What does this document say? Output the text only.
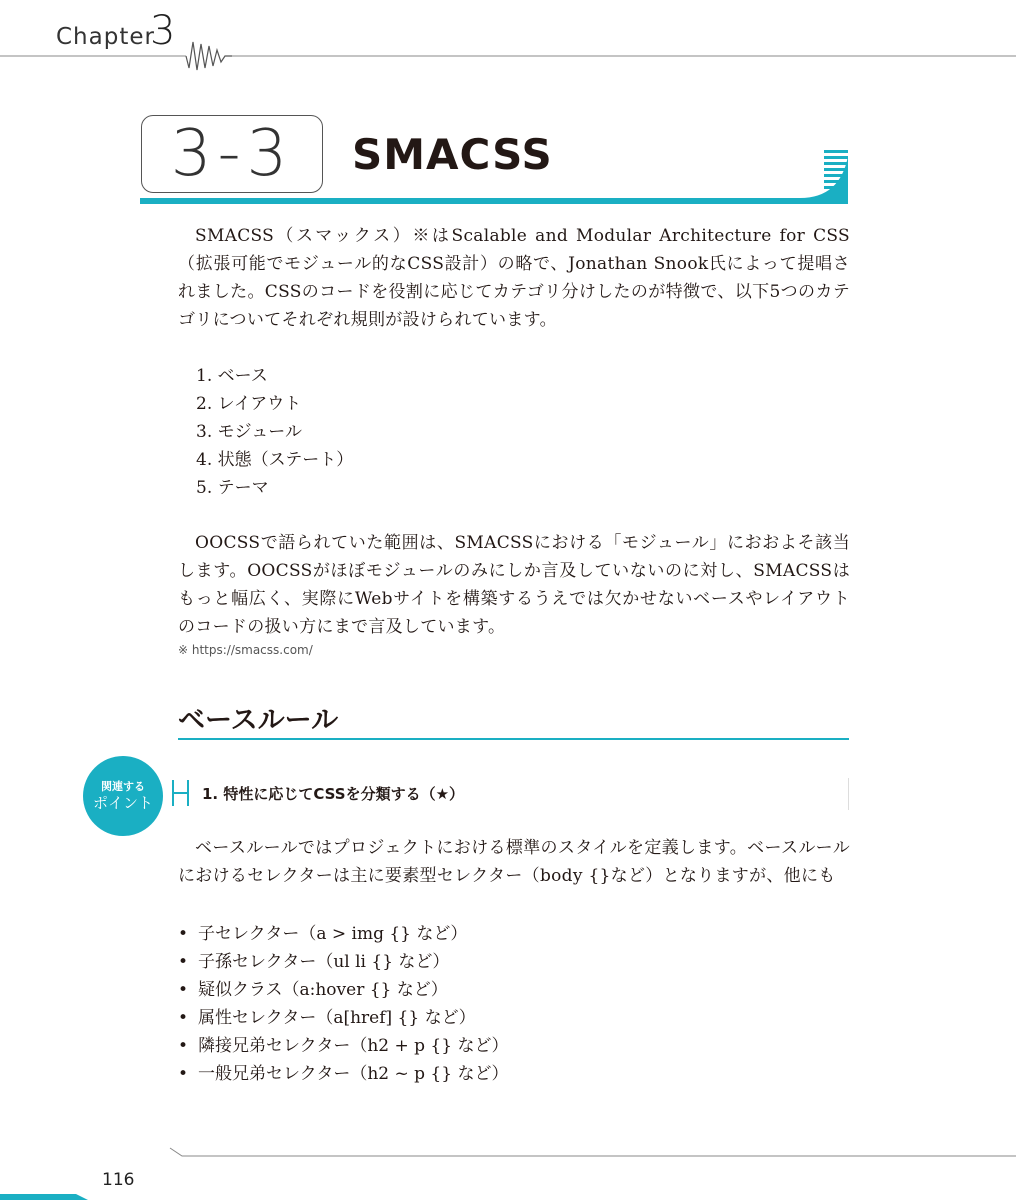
Chapter
3
3-3	SMACSS

SMACSS（スマックス）※はScalable and Modular Architecture for CSS（拡張可能でモジュール的なCSS設計）の略で、Jonathan Snook氏によって提唱されました。CSSのコードを役割に応じてカテゴリ分けしたのが特徴で、以下5つのカテゴリについてそれぞれ規則が設けられています。

1. ベース
2. レイアウト
3. モジュール
4. 状態（ステート）
5. テーマ

OOCSSで語られていた範囲は、SMACSSにおける「モジュール」におおよそ該当します。OOCSSがほぼモジュールのみにしか言及していないのに対し、SMACSSはもっと幅広く、実際にWebサイトを構築するうえでは欠かせないベースやレイアウトのコードの扱い方にまで言及しています。

※ https://smacss.com/
ベースルール
関連する
ポイント	1. 特性に応じてCSSを分類する（★）

ベースルールではプロジェクトにおける標準のスタイルを定義します。ベースルールにおけるセレクターは主に要素型セレクター（body {}など）となりますが、他にも

• 子セレクター（a > img {} など）
• 子孫セレクター（ul li {} など）
• 疑似クラス（a:hover {} など）
• 属性セレクター（a[href] {} など）
• 隣接兄弟セレクター（h2 + p {} など）
• 一般兄弟セレクター（h2 ~ p {} など）
116
